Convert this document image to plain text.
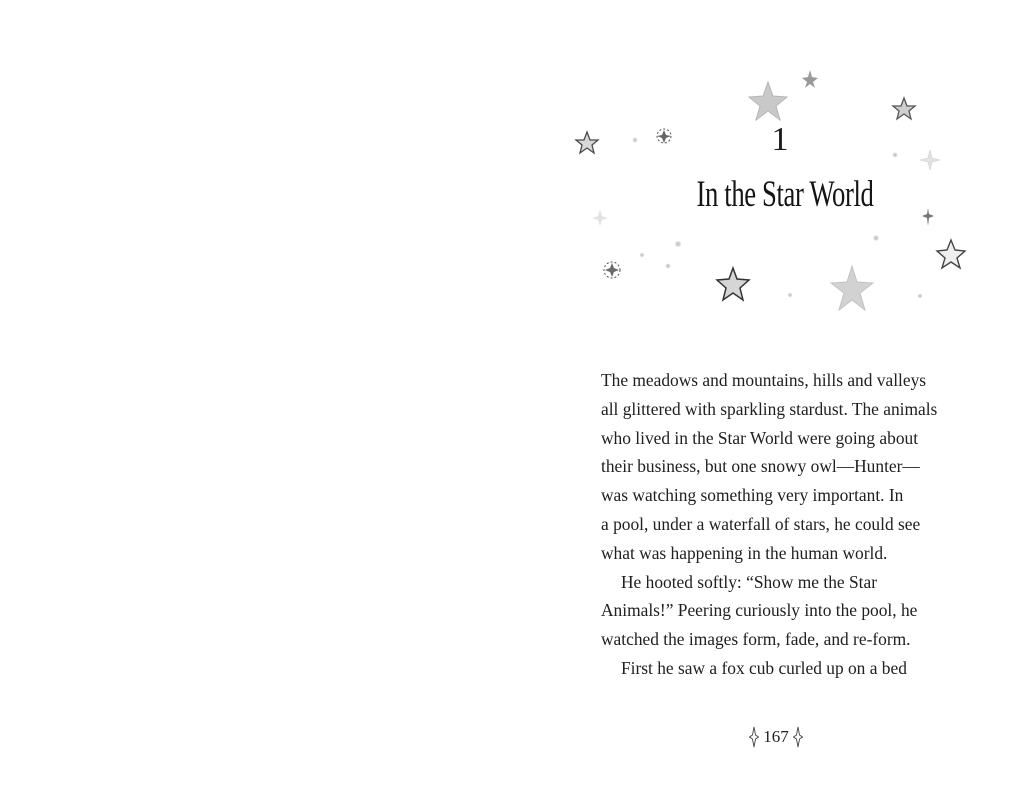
1
In the Star World
The meadows and mountains, hills and valleys
all glittered with sparkling stardust. The animals
who lived in the Star World were going about
their business, but one snowy owl—Hunter—
was watching something very important. In
a pool, under a waterfall of stars, he could see
what was happening in the human world.
He hooted softly: “Show me the Star
Animals!” Peering curiously into the pool, he
watched the images form, fade, and re-form.
First he saw a fox cub curled up on a bed
167
